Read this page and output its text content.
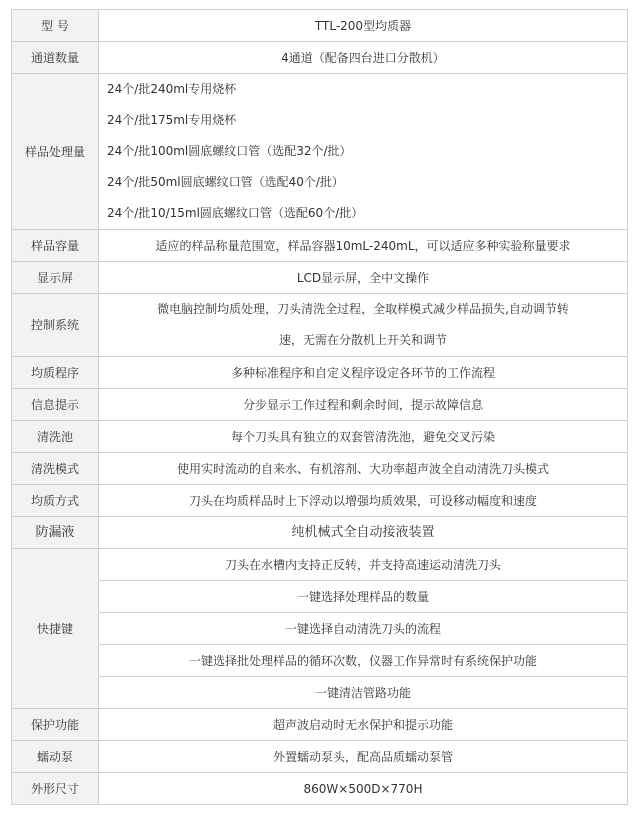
型 号	TTL-200型均质器
通道数量	4通道（配备四台进口分散机）
样品处理量	24个/批240ml专用烧杯
24个/批175ml专用烧杯
24个/批100ml圆底螺纹口管（选配32个/批）
24个/批50ml圆底螺纹口管（选配40个/批）
24个/批10/15ml圆底螺纹口管（选配60个/批）

样品容量	适应的样品称量范围宽，样品容器10mL-240mL，可以适应多种实验称量要求
显示屏	LCD显示屏，全中文操作
控制系统	微电脑控制均质处理，刀头清洗全过程，全取样模式减少样品损失,自动调节转
速，无需在分散机上开关和调节

均质程序	多种标准程序和自定义程序设定各环节的工作流程
信息提示	分步显示工作过程和剩余时间，提示故障信息
清洗池	每个刀头具有独立的双套管清洗池，避免交叉污染
清洗模式	使用实时流动的自来水、有机溶剂、大功率超声波全自动清洗刀头模式
均质方式	刀头在均质样品时上下浮动以增强均质效果，可设移动幅度和速度
防漏液	纯机械式全自动接液装置
快捷键	刀头在水槽内支持正反转，并支持高速运动清洗刀头
	一键选择处理样品的数量
	一键选择自动清洗刀头的流程
	一键选择批处理样品的循环次数，仪器工作异常时有系统保护功能
	一键清洁管路功能
保护功能	超声波启动时无水保护和提示功能
蠕动泵	外置蠕动泵头，配高品质蠕动泵管
外形尺寸	860W×500D×770H
